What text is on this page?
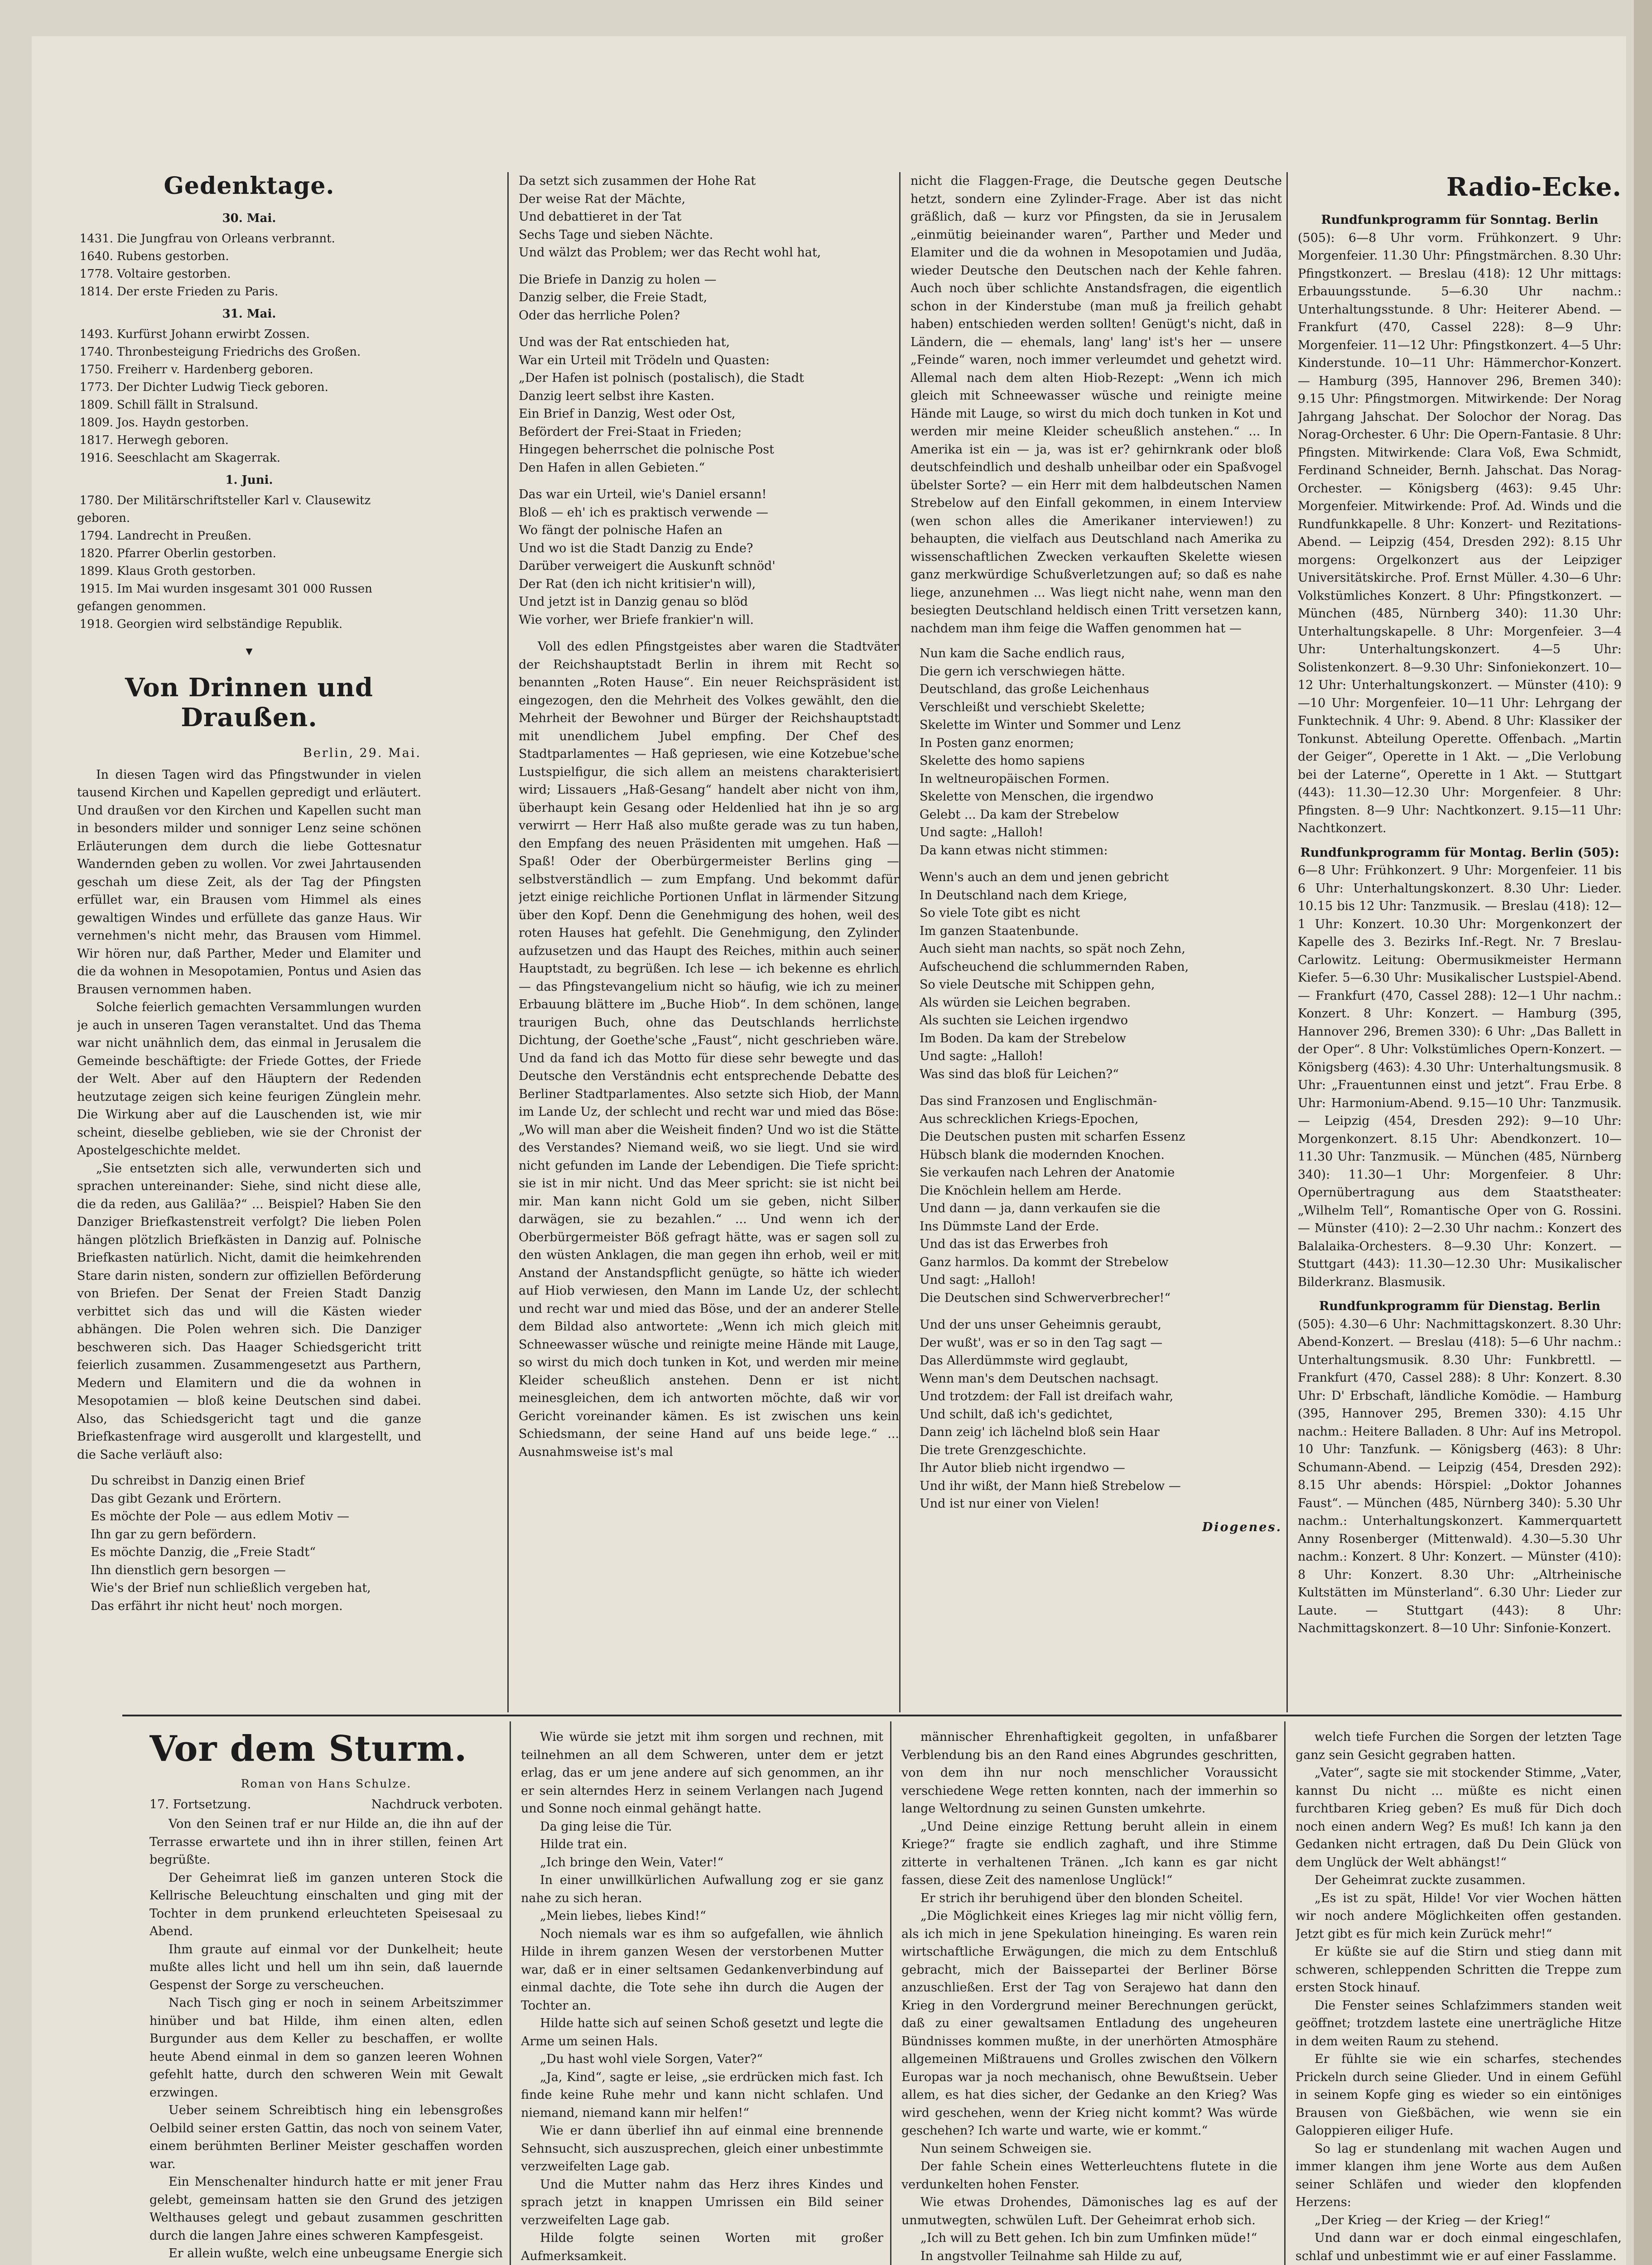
Gedenktage.
30. Mai.
1431. Die Jungfrau von Orleans verbrannt.
1640. Rubens gestorben.
1778. Voltaire gestorben.
1814. Der erste Frieden zu Paris.
31. Mai.
1493. Kurfürst Johann erwirbt Zossen.
1740. Thronbesteigung Friedrichs des Großen.
1750. Freiherr v. Hardenberg geboren.
1773. Der Dichter Ludwig Tieck geboren.
1809. Schill fällt in Stralsund.
1809. Jos. Haydn gestorben.
1817. Herwegh geboren.
1916. Seeschlacht am Skagerrak.
1. Juni.
1780. Der Militärschriftsteller Karl v. Clausewitz geboren.
1794. Landrecht in Preußen.
1820. Pfarrer Oberlin gestorben.
1899. Klaus Groth gestorben.
1915. Im Mai wurden insgesamt 301 000 Russen gefangen genommen.
1918. Georgien wird selbständige Republik.
▾
Von Drinnen und Draußen.
Berlin, 29. Mai.

In diesen Tagen wird das Pfingstwunder in vielen tausend Kirchen und Kapellen gepredigt und erläutert. Und draußen vor den Kirchen und Kapellen sucht man in besonders milder und sonniger Lenz seine schönen Erläuterungen dem durch die liebe Gottesnatur Wandernden geben zu wollen. Vor zwei Jahrtausenden geschah um diese Zeit, als der Tag der Pfingsten erfüllet war, ein Brausen vom Himmel als eines gewaltigen Windes und erfüllete das ganze Haus. Wir vernehmen's nicht mehr, das Brausen vom Himmel. Wir hören nur, daß Parther, Meder und Elamiter und die da wohnen in Mesopotamien, Pontus und Asien das Brausen vernommen haben.

Solche feierlich gemachten Versammlungen wurden je auch in unseren Tagen veranstaltet. Und das Thema war nicht unähnlich dem, das einmal in Jerusalem die Gemeinde beschäftigte: der Friede Gottes, der Friede der Welt. Aber auf den Häuptern der Redenden heutzutage zeigen sich keine feurigen Zünglein mehr. Die Wirkung aber auf die Lauschenden ist, wie mir scheint, dieselbe geblieben, wie sie der Chronist der Apostelgeschichte meldet.

„Sie entsetzten sich alle, verwunderten sich und sprachen untereinander: Siehe, sind nicht diese alle, die da reden, aus Galiläa?“ ... Beispiel? Haben Sie den Danziger Briefkastenstreit verfolgt? Die lieben Polen hängen plötzlich Briefkästen in Danzig auf. Polnische Briefkasten natürlich. Nicht, damit die heimkehrenden Stare darin nisten, sondern zur offiziellen Beförderung von Briefen. Der Senat der Freien Stadt Danzig verbittet sich das und will die Kästen wieder abhängen. Die Polen wehren sich. Die Danziger beschweren sich. Das Haager Schiedsgericht tritt feierlich zusammen. Zusammengesetzt aus Parthern, Medern und Elamitern und die da wohnen in Mesopotamien — bloß keine Deutschen sind dabei. Also, das Schiedsgericht tagt und die ganze Briefkastenfrage wird ausgerollt und klargestellt, und die Sache verläuft also:

Du schreibst in Danzig einen Brief

Das gibt Gezank und Erörtern.

Es möchte der Pole — aus edlem Motiv —

Ihn gar zu gern befördern.

Es möchte Danzig, die „Freie Stadt“

Ihn dienstlich gern besorgen —

Wie's der Brief nun schließlich vergeben hat,

Das erfährt ihr nicht heut' noch morgen.

Da setzt sich zusammen der Hohe Rat

Der weise Rat der Mächte,

Und debattieret in der Tat

Sechs Tage und sieben Nächte.

Und wälzt das Problem; wer das Recht wohl hat,

Die Briefe in Danzig zu holen —

Danzig selber, die Freie Stadt,

Oder das herrliche Polen?

Und was der Rat entschieden hat,

War ein Urteil mit Trödeln und Quasten:

„Der Hafen ist polnisch (postalisch), die Stadt

Danzig leert selbst ihre Kasten.

Ein Brief in Danzig, West oder Ost,

Befördert der Frei-Staat in Frieden;

Hingegen beherrschet die polnische Post

Den Hafen in allen Gebieten.“

Das war ein Urteil, wie's Daniel ersann!

Bloß — eh' ich es praktisch verwende —

Wo fängt der polnische Hafen an

Und wo ist die Stadt Danzig zu Ende?

Darüber verweigert die Auskunft schnöd'

Der Rat (den ich nicht kritisier'n will),

Und jetzt ist in Danzig genau so blöd

Wie vorher, wer Briefe frankier'n will.

Voll des edlen Pfingstgeistes aber waren die Stadtväter der Reichshauptstadt Berlin in ihrem mit Recht so benannten „Roten Hause“. Ein neuer Reichspräsident ist eingezogen, den die Mehrheit des Volkes gewählt, den die Mehrheit der Bewohner und Bürger der Reichshauptstadt mit unendlichem Jubel empfing. Der Chef des Stadtparlamentes — Haß gepriesen, wie eine Kotzebue'sche Lustspielfigur, die sich allem an meistens charakterisiert wird; Lissauers „Haß-Gesang“ handelt aber nicht von ihm, überhaupt kein Gesang oder Heldenlied hat ihn je so arg verwirrt — Herr Haß also mußte gerade was zu tun haben, den Empfang des neuen Präsidenten mit umgehen. Haß — Spaß! Oder der Oberbürgermeister Berlins ging — selbstverständlich — zum Empfang. Und bekommt dafür jetzt einige reichliche Portionen Unflat in lärmender Sitzung über den Kopf. Denn die Genehmigung des hohen, weil des roten Hauses hat gefehlt. Die Genehmigung, den Zylinder aufzusetzen und das Haupt des Reiches, mithin auch seiner Hauptstadt, zu begrüßen. Ich lese — ich bekenne es ehrlich — das Pfingstevangelium nicht so häufig, wie ich zu meiner Erbauung blättere im „Buche Hiob“. In dem schönen, lange traurigen Buch, ohne das Deutschlands herrlichste Dichtung, der Goethe'sche „Faust“, nicht geschrieben wäre. Und da fand ich das Motto für diese sehr bewegte und das Deutsche den Verständnis echt entsprechende Debatte des Berliner Stadtparlamentes. Also setzte sich Hiob, der Mann im Lande Uz, der schlecht und recht war und mied das Böse: „Wo will man aber die Weisheit finden? Und wo ist die Stätte des Verstandes? Niemand weiß, wo sie liegt. Und sie wird nicht gefunden im Lande der Lebendigen. Die Tiefe spricht: sie ist in mir nicht. Und das Meer spricht: sie ist nicht bei mir. Man kann nicht Gold um sie geben, nicht Silber darwägen, sie zu bezahlen.“ ... Und wenn ich der Oberbürgermeister Böß gefragt hätte, was er sagen soll zu den wüsten Anklagen, die man gegen ihn erhob, weil er mit Anstand der Anstandspflicht genügte, so hätte ich wieder auf Hiob verwiesen, den Mann im Lande Uz, der schlecht und recht war und mied das Böse, und der an anderer Stelle dem Bildad also antwortete: „Wenn ich mich gleich mit Schneewasser wüsche und reinigte meine Hände mit Lauge, so wirst du mich doch tunken in Kot, und werden mir meine Kleider scheußlich anstehen. Denn er ist nicht meinesgleichen, dem ich antworten möchte, daß wir vor Gericht voreinander kämen. Es ist zwischen uns kein Schiedsmann, der seine Hand auf uns beide lege.“ ... Ausnahmsweise ist's mal

nicht die Flaggen-Frage, die Deutsche gegen Deutsche hetzt, sondern eine Zylinder-Frage. Aber ist das nicht gräßlich, daß — kurz vor Pfingsten, da sie in Jerusalem „einmütig beieinander waren“, Parther und Meder und Elamiter und die da wohnen in Mesopotamien und Judäa, wieder Deutsche den Deutschen nach der Kehle fahren. Auch noch über schlichte Anstandsfragen, die eigentlich schon in der Kinderstube (man muß ja freilich gehabt haben) entschieden werden sollten! Genügt's nicht, daß in Ländern, die — ehemals, lang' lang' ist's her — unsere „Feinde“ waren, noch immer verleumdet und gehetzt wird. Allemal nach dem alten Hiob-Rezept: „Wenn ich mich gleich mit Schneewasser wüsche und reinigte meine Hände mit Lauge, so wirst du mich doch tunken in Kot und werden mir meine Kleider scheußlich anstehen.“ ... In Amerika ist ein — ja, was ist er? gehirnkrank oder bloß deutschfeindlich und deshalb unheilbar oder ein Spaßvogel übelster Sorte? — ein Herr mit dem halbdeutschen Namen Strebelow auf den Einfall gekommen, in einem Interview (wen schon alles die Amerikaner interviewen!) zu behaupten, die vielfach aus Deutschland nach Amerika zu wissenschaftlichen Zwecken verkauften Skelette wiesen ganz merkwürdige Schußverletzungen auf; so daß es nahe liege, anzunehmen ... Was liegt nicht nahe, wenn man den besiegten Deutschland heldisch einen Tritt versetzen kann, nachdem man ihm feige die Waffen genommen hat —

Nun kam die Sache endlich raus,

Die gern ich verschwiegen hätte.

Deutschland, das große Leichenhaus

Verschleißt und verschiebt Skelette;

Skelette im Winter und Sommer und Lenz

In Posten ganz enormen;

Skelette des homo sapiens

In weltneuropäischen Formen.

Skelette von Menschen, die irgendwo

Gelebt ... Da kam der Strebelow

Und sagte: „Halloh!

Da kann etwas nicht stimmen:

Wenn's auch an dem und jenen gebricht

In Deutschland nach dem Kriege,

So viele Tote gibt es nicht

Im ganzen Staatenbunde.

Auch sieht man nachts, so spät noch Zehn,

Aufscheuchend die schlummernden Raben,

So viele Deutsche mit Schippen gehn,

Als würden sie Leichen begraben.

Als suchten sie Leichen irgendwo

Im Boden. Da kam der Strebelow

Und sagte: „Halloh!

Was sind das bloß für Leichen?“

Das sind Franzosen und Englischmän-

Aus schrecklichen Kriegs-Epochen,

Die Deutschen pusten mit scharfen Essenz

Hübsch blank die modernden Knochen.

Sie verkaufen nach Lehren der Anatomie

Die Knöchlein hellem am Herde.

Und dann — ja, dann verkaufen sie die

Ins Dümmste Land der Erde.

Und das ist das Erwerbes froh

Ganz harmlos. Da kommt der Strebelow

Und sagt: „Halloh!

Die Deutschen sind Schwerverbrecher!“

Und der uns unser Geheimnis geraubt,

Der wußt', was er so in den Tag sagt —

Das Allerdümmste wird geglaubt,

Wenn man's dem Deutschen nachsagt.

Und trotzdem: der Fall ist dreifach wahr,

Und schilt, daß ich's gedichtet,

Dann zeig' ich lächelnd bloß sein Haar

Die trete Grenzgeschichte.

Ihr Autor blieb nicht irgendwo —

Und ihr wißt, der Mann hieß Strebelow —

Und ist nur einer von Vielen!

Diogenes.
Radio-Ecke.

Rundfunkprogramm für Sonntag. Berlin

(505): 6—8 Uhr vorm. Frühkonzert. 9 Uhr: Morgenfeier. 11.30 Uhr: Pfingstmärchen. 8.30 Uhr: Pfingstkonzert. — Breslau (418): 12 Uhr mittags: Erbauungsstunde. 5—6.30 Uhr nachm.: Unterhaltungsstunde. 8 Uhr: Heiterer Abend. — Frankfurt (470, Cassel 228): 8—9 Uhr: Morgenfeier. 11—12 Uhr: Pfingstkonzert. 4—5 Uhr: Kinderstunde. 10—11 Uhr: Hämmerchor-Konzert. — Hamburg (395, Hannover 296, Bremen 340): 9.15 Uhr: Pfingstmorgen. Mitwirkende: Der Norag Jahrgang Jahschat. Der Solochor der Norag. Das Norag-Orchester. 6 Uhr: Die Opern-Fantasie. 8 Uhr: Pfingsten. Mitwirkende: Clara Voß, Ewa Schmidt, Ferdinand Schneider, Bernh. Jahschat. Das Norag-Orchester. — Königsberg (463): 9.45 Uhr: Morgenfeier. Mitwirkende: Prof. Ad. Winds und die Rundfunkkapelle. 8 Uhr: Konzert- und Rezitations-Abend. — Leipzig (454, Dresden 292): 8.15 Uhr morgens: Orgelkonzert aus der Leipziger Universitätskirche. Prof. Ernst Müller. 4.30—6 Uhr: Volkstümliches Konzert. 8 Uhr: Pfingstkonzert. — München (485, Nürnberg 340): 11.30 Uhr: Unterhaltungskapelle. 8 Uhr: Morgenfeier. 3—4 Uhr: Unterhaltungskonzert. 4—5 Uhr: Solistenkonzert. 8—9.30 Uhr: Sinfoniekonzert. 10—12 Uhr: Unterhaltungskonzert. — Münster (410): 9—10 Uhr: Morgenfeier. 10—11 Uhr: Lehrgang der Funktechnik. 4 Uhr: 9. Abend. 8 Uhr: Klassiker der Tonkunst. Abteilung Operette. Offenbach. „Martin der Geiger“, Operette in 1 Akt. — „Die Verlobung bei der Laterne“, Operette in 1 Akt. — Stuttgart (443): 11.30—12.30 Uhr: Morgenfeier. 8 Uhr: Pfingsten. 8—9 Uhr: Nachtkonzert. 9.15—11 Uhr: Nachtkonzert.

Rundfunkprogramm für Montag. Berlin (505):

6—8 Uhr: Frühkonzert. 9 Uhr: Morgenfeier. 11 bis 6 Uhr: Unterhaltungskonzert. 8.30 Uhr: Lieder. 10.15 bis 12 Uhr: Tanzmusik. — Breslau (418): 12—1 Uhr: Konzert. 10.30 Uhr: Morgenkonzert der Kapelle des 3. Bezirks Inf.-Regt. Nr. 7 Breslau-Carlowitz. Leitung: Obermusikmeister Hermann Kiefer. 5—6.30 Uhr: Musikalischer Lustspiel-Abend. — Frankfurt (470, Cassel 288): 12—1 Uhr nachm.: Konzert. 8 Uhr: Konzert. — Hamburg (395, Hannover 296, Bremen 330): 6 Uhr: „Das Ballett in der Oper“. 8 Uhr: Volkstümliches Opern-Konzert. — Königsberg (463): 4.30 Uhr: Unterhaltungsmusik. 8 Uhr: „Frauentunnen einst und jetzt“. Frau Erbe. 8 Uhr: Harmonium-Abend. 9.15—10 Uhr: Tanzmusik. — Leipzig (454, Dresden 292): 9—10 Uhr: Morgenkonzert. 8.15 Uhr: Abendkonzert. 10—11.30 Uhr: Tanzmusik. — München (485, Nürnberg 340): 11.30—1 Uhr: Morgenfeier. 8 Uhr: Opernübertragung aus dem Staatstheater: „Wilhelm Tell“, Romantische Oper von G. Rossini. — Münster (410): 2—2.30 Uhr nachm.: Konzert des Balalaika-Orchesters. 8—9.30 Uhr: Konzert. — Stuttgart (443): 11.30—12.30 Uhr: Musikalischer Bilderkranz. Blasmusik.

Rundfunkprogramm für Dienstag. Berlin

(505): 4.30—6 Uhr: Nachmittagskonzert. 8.30 Uhr: Abend-Konzert. — Breslau (418): 5—6 Uhr nachm.: Unterhaltungsmusik. 8.30 Uhr: Funkbrettl. — Frankfurt (470, Cassel 288): 8 Uhr: Konzert. 8.30 Uhr: D' Erbschaft, ländliche Komödie. — Hamburg (395, Hannover 295, Bremen 330): 4.15 Uhr nachm.: Heitere Balladen. 8 Uhr: Auf ins Metropol. 10 Uhr: Tanzfunk. — Königsberg (463): 8 Uhr: Schumann-Abend. — Leipzig (454, Dresden 292): 8.15 Uhr abends: Hörspiel: „Doktor Johannes Faust“. — München (485, Nürnberg 340): 5.30 Uhr nachm.: Unterhaltungskonzert. Kammerquartett Anny Rosenberger (Mittenwald). 4.30—5.30 Uhr nachm.: Konzert. 8 Uhr: Konzert. — Münster (410): 8 Uhr: Konzert. 8.30 Uhr: „Altrheinische Kultstätten im Münsterland“. 6.30 Uhr: Lieder zur Laute. — Stuttgart (443): 8 Uhr: Nachmittagskonzert. 8—10 Uhr: Sinfonie-Konzert.

Vor dem Sturm.
Roman von Hans Schulze.
17. Fortsetzung.	Nachdruck verboten.

Von den Seinen traf er nur Hilde an, die ihn auf der Terrasse erwartete und ihn in ihrer stillen, feinen Art begrüßte.

Der Geheimrat ließ im ganzen unteren Stock die Kellrische Beleuchtung einschalten und ging mit der Tochter in dem prunkend erleuchteten Speisesaal zu Abend.

Ihm graute auf einmal vor der Dunkelheit; heute mußte alles licht und hell um ihn sein, daß lauernde Gespenst der Sorge zu verscheuchen.

Nach Tisch ging er noch in seinem Arbeitszimmer hinüber und bat Hilde, ihm einen alten, edlen Burgunder aus dem Keller zu beschaffen, er wollte heute Abend einmal in dem so ganzen leeren Wohnen gefehlt hatte, durch den schweren Wein mit Gewalt erzwingen.

Ueber seinem Schreibtisch hing ein lebensgroßes Oelbild seiner ersten Gattin, das noch von seinem Vater, einem berühmten Berliner Meister geschaffen worden war.

Ein Menschenalter hindurch hatte er mit jener Frau gelebt, gemeinsam hatten sie den Grund des jetzigen Welthauses gelegt und gebaut zusammen geschritten durch die langen Jahre eines schweren Kampfesgeist.

Er allein wußte, welch eine unbeugsame Energie sich

Wie würde sie jetzt mit ihm sorgen und rechnen, mit teilnehmen an all dem Schweren, unter dem er jetzt erlag, das er um jene andere auf sich genommen, an ihr er sein alterndes Herz in seinem Verlangen nach Jugend und Sonne noch einmal gehängt hatte.

Da ging leise die Tür.

Hilde trat ein.

„Ich bringe den Wein, Vater!“

In einer unwillkürlichen Aufwallung zog er sie ganz nahe zu sich heran.

„Mein liebes, liebes Kind!“

Noch niemals war es ihm so aufgefallen, wie ähnlich Hilde in ihrem ganzen Wesen der verstorbenen Mutter war, daß er in einer seltsamen Gedankenverbindung auf einmal dachte, die Tote sehe ihn durch die Augen der Tochter an.

Hilde hatte sich auf seinen Schoß gesetzt und legte die Arme um seinen Hals.

„Du hast wohl viele Sorgen, Vater?“

„Ja, Kind“, sagte er leise, „sie erdrücken mich fast. Ich finde keine Ruhe mehr und kann nicht schlafen. Und niemand, niemand kann mir helfen!“

Wie er dann überlief ihn auf einmal eine brennende Sehnsucht, sich auszusprechen, gleich einer unbestimmte verzweifelten Lage gab.

Und die Mutter nahm das Herz ihres Kindes und sprach jetzt in knappen Umrissen ein Bild seiner verzweifelten Lage gab.

Hilde folgte seinen Worten mit großer Aufmerksamkeit.

männischer Ehrenhaftigkeit gegolten, in unfaßbarer Verblendung bis an den Rand eines Abgrundes geschritten, von dem ihn nur noch menschlicher Voraussicht verschiedene Wege retten konnten, nach der immerhin so lange Weltordnung zu seinen Gunsten umkehrte.

„Und Deine einzige Rettung beruht allein in einem Kriege?“ fragte sie endlich zaghaft, und ihre Stimme zitterte in verhaltenen Tränen. „Ich kann es gar nicht fassen, diese Zeit des namenlose Unglück!“

Er strich ihr beruhigend über den blonden Scheitel.

„Die Möglichkeit eines Krieges lag mir nicht völlig fern, als ich mich in jene Spekulation hineinging. Es waren rein wirtschaftliche Erwägungen, die mich zu dem Entschluß gebracht, mich der Baissepartei der Berliner Börse anzuschließen. Erst der Tag von Serajewo hat dann den Krieg in den Vordergrund meiner Berechnungen gerückt, daß zu einer gewaltsamen Entladung des ungeheuren Bündnisses kommen mußte, in der unerhörten Atmosphäre allgemeinen Mißtrauens und Grolles zwischen den Völkern Europas war ja noch mechanisch, ohne Bewußtsein. Ueber allem, es hat dies sicher, der Gedanke an den Krieg? Was wird geschehen, wenn der Krieg nicht kommt? Was würde geschehen? Ich warte und warte, wie er kommt.“

Nun seinem Schweigen sie.

Der fahle Schein eines Wetterleuchtens flutete in die verdunkelten hohen Fenster.

Wie etwas Drohendes, Dämonisches lag es auf der unmutwegten, schwülen Luft. Der Geheimrat erhob sich.

„Ich will zu Bett gehen. Ich bin zum Umfinken müde!“

In angstvoller Teilnahme sah Hilde zu auf,

welch tiefe Furchen die Sorgen der letzten Tage ganz sein Gesicht gegraben hatten.

„Vater“, sagte sie mit stockender Stimme, „Vater, kannst Du nicht ... müßte es nicht einen furchtbaren Krieg geben? Es muß für Dich doch noch einen andern Weg? Es muß! Ich kann ja den Gedanken nicht ertragen, daß Du Dein Glück von dem Unglück der Welt abhängst!“

Der Geheimrat zuckte zusammen.

„Es ist zu spät, Hilde! Vor vier Wochen hätten wir noch andere Möglichkeiten offen gestanden. Jetzt gibt es für mich kein Zurück mehr!“

Er küßte sie auf die Stirn und stieg dann mit schweren, schleppenden Schritten die Treppe zum ersten Stock hinauf.

Die Fenster seines Schlafzimmers standen weit geöffnet; trotzdem lastete eine unerträgliche Hitze in dem weiten Raum zu stehend.

Er fühlte sie wie ein scharfes, stechendes Prickeln durch seine Glieder. Und in einem Gefühl in seinem Kopfe ging es wieder so ein eintöniges Brausen von Gießbächen, wie wenn sie ein Galoppieren eiliger Hufe.

So lag er stundenlang mit wachen Augen und immer klangen ihm jene Worte aus dem Außen seiner Schläfen und wieder den klopfenden Herzens:

„Der Krieg — der Krieg — der Krieg!“

Und dann war er doch einmal eingeschlafen, schlaf und unbestimmt wie er auf einer Fasslamme.
